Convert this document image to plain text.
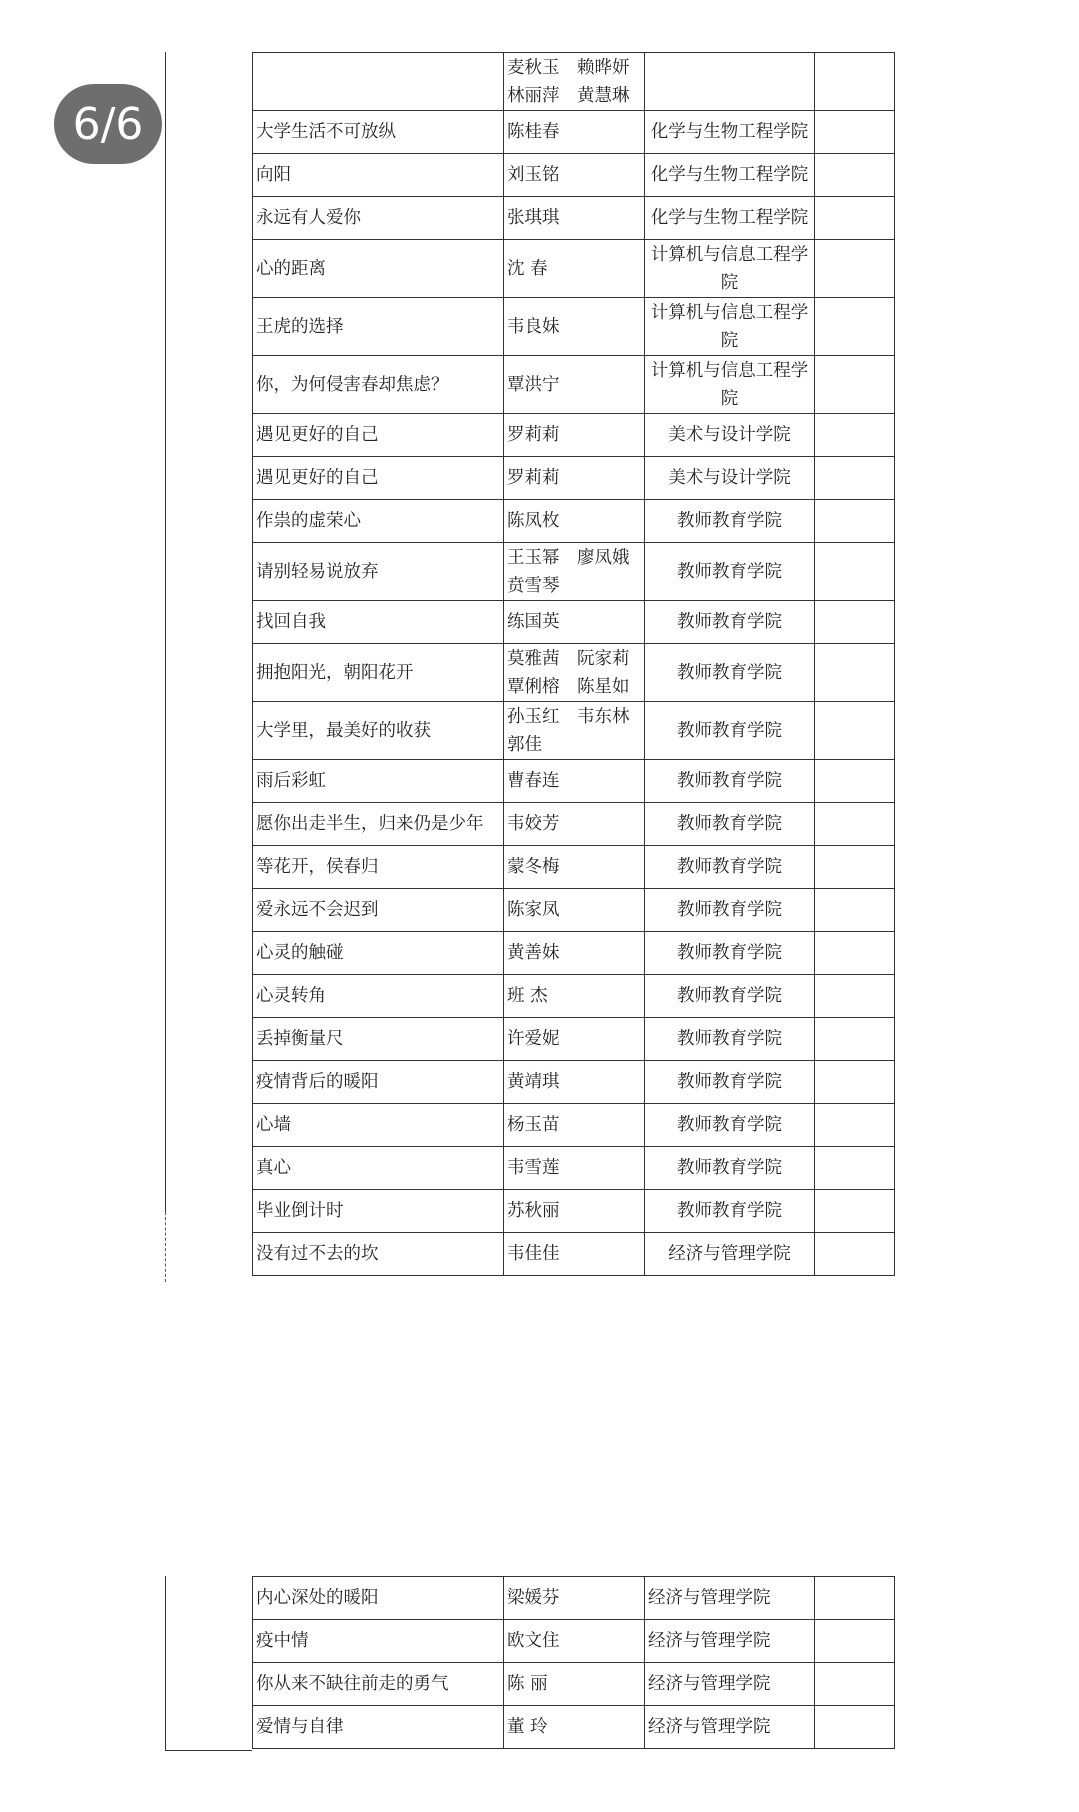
6/6
	麦秋玉　赖晔妍 林丽萍　黄慧琳		
大学生活不可放纵	陈桂春	化学与生物工程学院	
向阳	刘玉铭	化学与生物工程学院	
永远有人爱你	张琪琪	化学与生物工程学院	
心的距离	沈 春	计算机与信息工程学院	
王虎的选择	韦良妹	计算机与信息工程学院	
你，为何侵害春却焦虑？	覃洪宁	计算机与信息工程学院	
遇见更好的自己	罗莉莉	美术与设计学院	
遇见更好的自己	罗莉莉	美术与设计学院	
作祟的虚荣心	陈凤枚	教师教育学院	
请别轻易说放弃	王玉幂　廖凤娥 贲雪琴	教师教育学院	
找回自我	练国英	教师教育学院	
拥抱阳光，朝阳花开	莫雅茜　阮家莉 覃俐榕　陈星如	教师教育学院	
大学里，最美好的收获	孙玉红　韦东林 郭佳	教师教育学院	
雨后彩虹	曹春连	教师教育学院	
愿你出走半生，归来仍是少年	韦姣芳	教师教育学院	
等花开，侯春归	蒙冬梅	教师教育学院	
爱永远不会迟到	陈家凤	教师教育学院	
心灵的触碰	黄善妹	教师教育学院	
心灵转角	班 杰	教师教育学院	
丢掉衡量尺	许爱妮	教师教育学院	
疫情背后的暖阳	黄靖琪	教师教育学院	
心墙	杨玉苗	教师教育学院	
真心	韦雪莲	教师教育学院	
毕业倒计时	苏秋丽	教师教育学院	
没有过不去的坎	韦佳佳	经济与管理学院	
内心深处的暖阳	梁媛芬	经济与管理学院	
疫中情	欧文住	经济与管理学院	
你从来不缺往前走的勇气	陈 丽	经济与管理学院	
爱情与自律	董 玲	经济与管理学院	
